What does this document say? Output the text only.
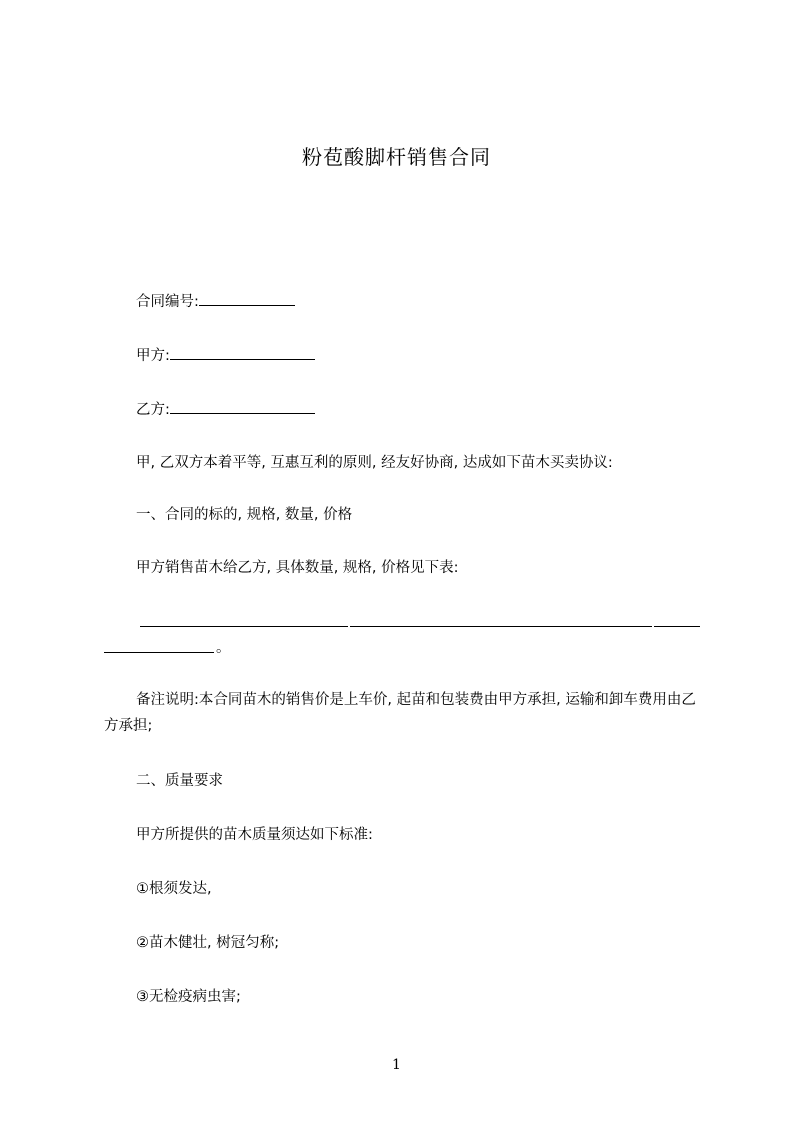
粉苞酸脚杆销售合同
合同编号:
甲方:
乙方:
甲, 乙双方本着平等, 互惠互利的原则, 经友好协商, 达成如下苗木买卖协议:
一、合同的标的, 规格, 数量, 价格
甲方销售苗木给乙方, 具体数量, 规格, 价格见下表:
。
备注说明:本合同苗木的销售价是上车价, 起苗和包装费由甲方承担, 运输和卸车费用由乙方承担;
二、质量要求
甲方所提供的苗木质量须达如下标准:
①根须发达,
②苗木健壮, 树冠匀称;
③无检疫病虫害;
1
